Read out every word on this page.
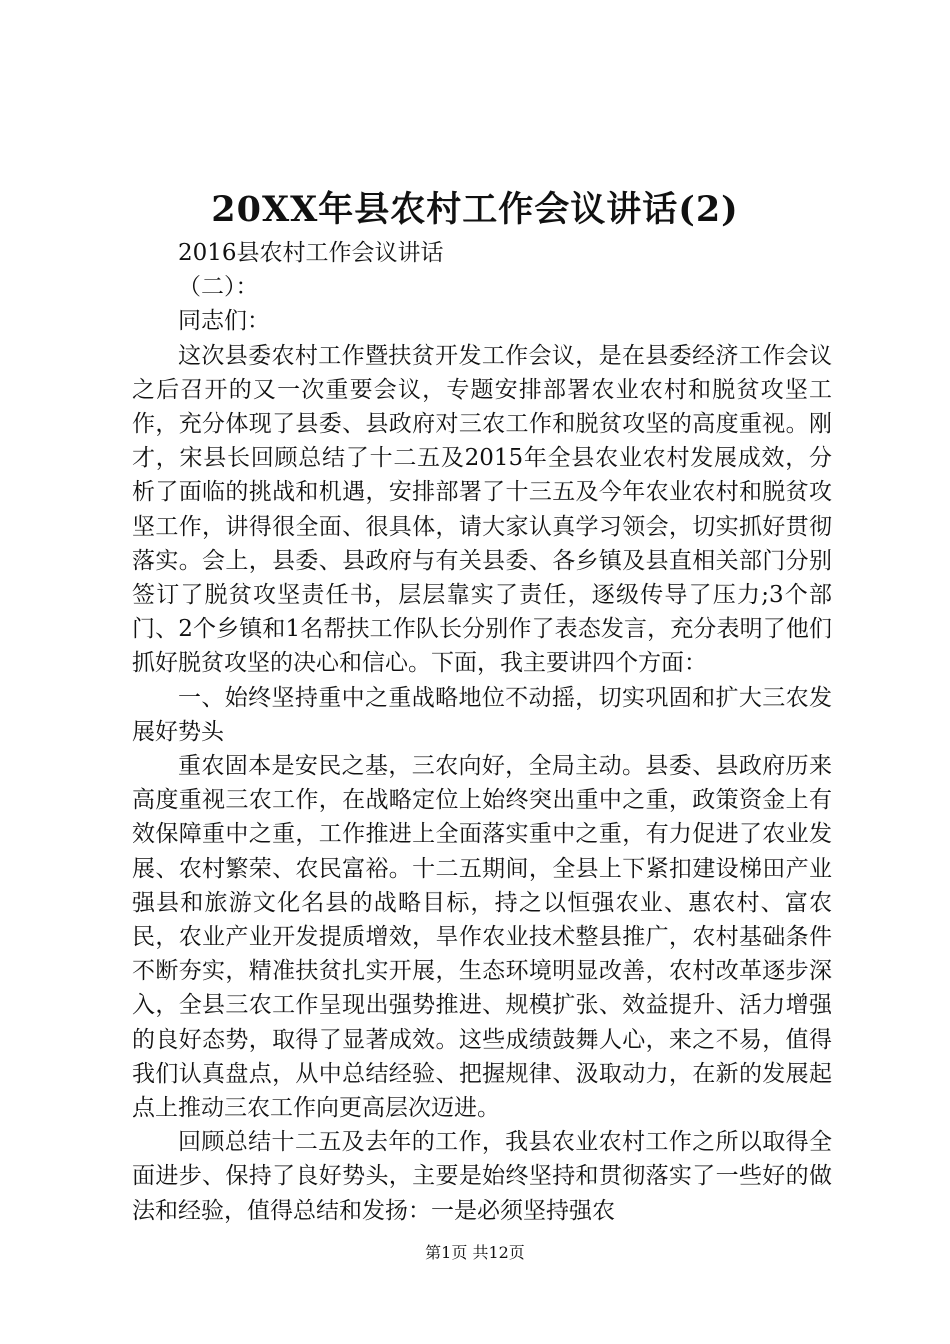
20XX年县农村工作会议讲话(2)

2016县农村工作会议讲话

（二）：

同志们：

这次县委农村工作暨扶贫开发工作会议，是在县委经济工作会议之后召开的又一次重要会议，专题安排部署农业农村和脱贫攻坚工作，充分体现了县委、县政府对三农工作和脱贫攻坚的高度重视。刚才，宋县长回顾总结了十二五及2015年全县农业农村发展成效，分析了面临的挑战和机遇，安排部署了十三五及今年农业农村和脱贫攻坚工作，讲得很全面、很具体，请大家认真学习领会，切实抓好贯彻落实。会上，县委、县政府与有关县委、各乡镇及县直相关部门分别签订了脱贫攻坚责任书，层层靠实了责任，逐级传导了压力;3个部门、2个乡镇和1名帮扶工作队长分别作了表态发言，充分表明了他们抓好脱贫攻坚的决心和信心。下面，我主要讲四个方面：

一、始终坚持重中之重战略地位不动摇，切实巩固和扩大三农发展好势头

重农固本是安民之基，三农向好，全局主动。县委、县政府历来高度重视三农工作，在战略定位上始终突出重中之重，政策资金上有效保障重中之重，工作推进上全面落实重中之重，有力促进了农业发展、农村繁荣、农民富裕。十二五期间，全县上下紧扣建设梯田产业强县和旅游文化名县的战略目标，持之以恒强农业、惠农村、富农民，农业产业开发提质增效，旱作农业技术整县推广，农村基础条件不断夯实，精准扶贫扎实开展，生态环境明显改善，农村改革逐步深入，全县三农工作呈现出强势推进、规模扩张、效益提升、活力增强的良好态势，取得了显著成效。这些成绩鼓舞人心，来之不易，值得我们认真盘点，从中总结经验、把握规律、汲取动力，在新的发展起点上推动三农工作向更高层次迈进。

回顾总结十二五及去年的工作，我县农业农村工作之所以取得全面进步、保持了良好势头，主要是始终坚持和贯彻落实了一些好的做法和经验，值得总结和发扬：一是必须坚持强农

第1页 共12页
